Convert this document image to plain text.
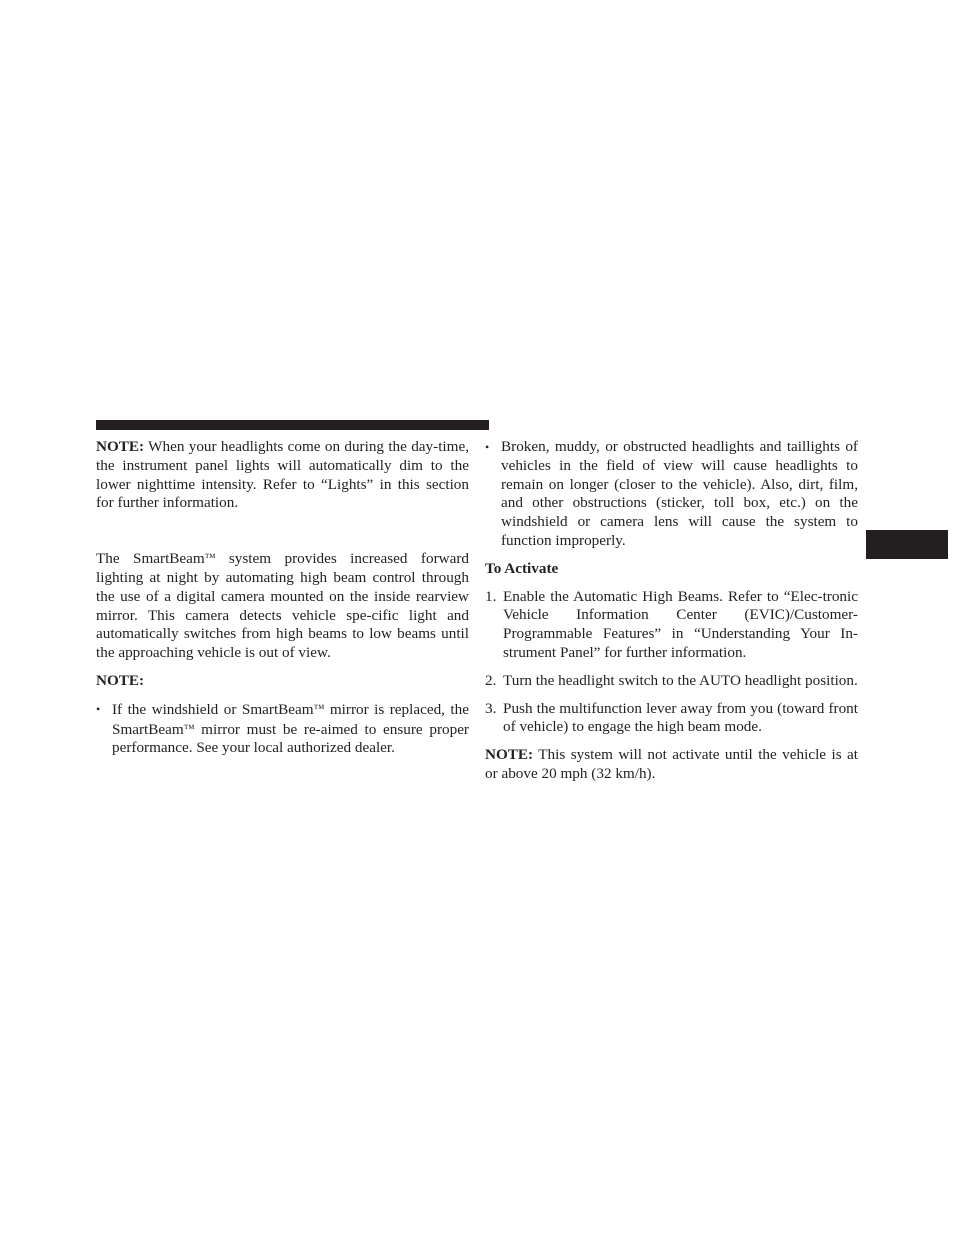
NOTE: When your headlights come on during the day-time, the instrument panel lights will automatically dim to the lower nighttime intensity. Refer to “Lights” in this section for further information.

The SmartBeam™ system provides increased forward lighting at night by automating high beam control through the use of a digital camera mounted on the inside rearview mirror. This camera detects vehicle spe-cific light and automatically switches from high beams to low beams until the approaching vehicle is out of view.

NOTE:

• If the windshield or SmartBeam™ mirror is replaced, the SmartBeam™ mirror must be re-aimed to ensure proper performance. See your local authorized dealer.
• Broken, muddy, or obstructed headlights and taillights of vehicles in the field of view will cause headlights to remain on longer (closer to the vehicle). Also, dirt, film, and other obstructions (sticker, toll box, etc.) on the windshield or camera lens will cause the system to function improperly.

To Activate

1. Enable the Automatic High Beams. Refer to “Elec-tronic Vehicle Information Center (EVIC)/Customer-Programmable Features” in “Understanding Your In-strument Panel” for further information.
2. Turn the headlight switch to the AUTO headlight position.
3. Push the multifunction lever away from you (toward front of vehicle) to engage the high beam mode.

NOTE: This system will not activate until the vehicle is at or above 20 mph (32 km/h).
